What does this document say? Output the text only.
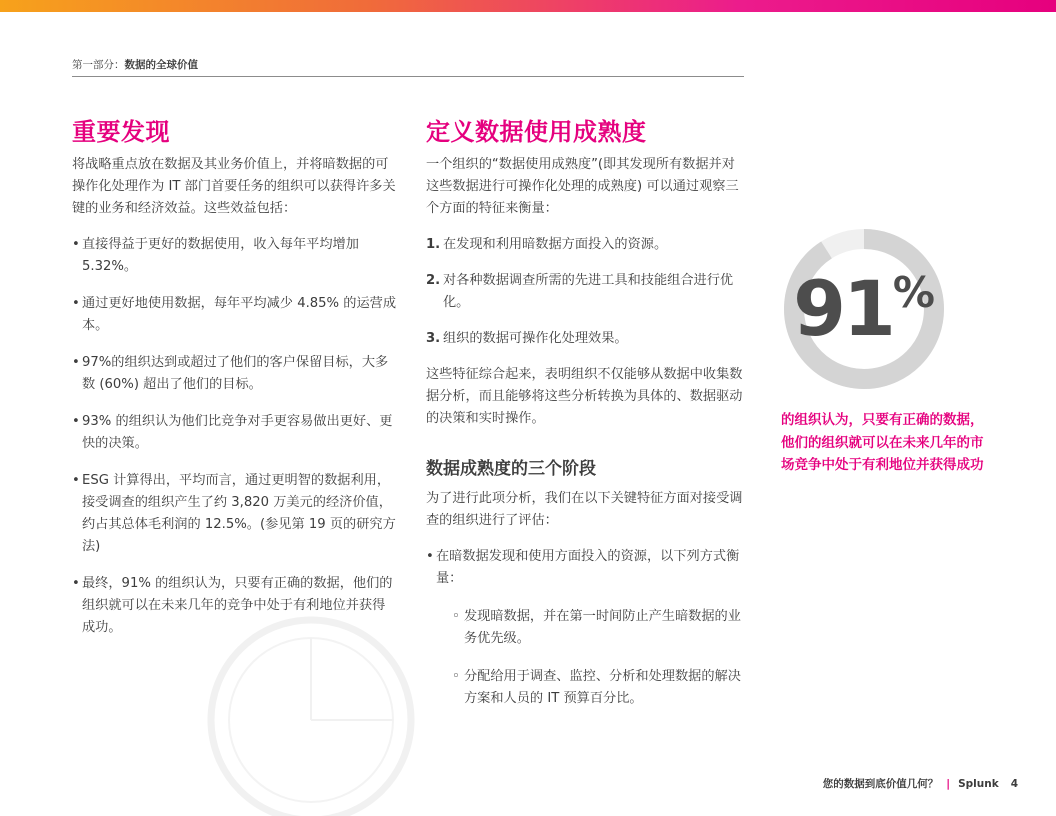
第一部分：数据的全球价值
重要发现

将战略重点放在数据及其业务价值上，并将暗数据的可操作化处理作为 IT 部门首要任务的组织可以获得许多关键的业务和经济效益。这些效益包括：

• 直接得益于更好的数据使用，收入每年平均增加 5.32%。
• 通过更好地使用数据，每年平均减少 4.85% 的运营成本。
• 97%的组织达到或超过了他们的客户保留目标，大多数 (60%) 超出了他们的目标。
• 93% 的组织认为他们比竞争对手更容易做出更好、更快的决策。
• ESG 计算得出，平均而言，通过更明智的数据利用，接受调查的组织产生了约 3,820 万美元的经济价值，约占其总体毛利润的 12.5%。(参见第 19 页的研究方法)
• 最终，91% 的组织认为，只要有正确的数据，他们的组织就可以在未来几年的竞争中处于有利地位并获得成功。
定义数据使用成熟度

一个组织的“数据使用成熟度”(即其发现所有数据并对这些数据进行可操作化处理的成熟度) 可以通过观察三个方面的特征来衡量：

1. 在发现和利用暗数据方面投入的资源。
2. 对各种数据调查所需的先进工具和技能组合进行优化。
3. 组织的数据可操作化处理效果。

这些特征综合起来，表明组织不仅能够从数据中收集数据分析，而且能够将这些分析转换为具体的、数据驱动的决策和实时操作。

数据成熟度的三个阶段

为了进行此项分析，我们在以下关键特征方面对接受调查的组织进行了评估：

• 在暗数据发现和使用方面投入的资源，以下列方式衡量：
◦ 发现暗数据，并在第一时间防止产生暗数据的业务优先级。
◦ 分配给用于调查、监控、分析和处理数据的解决方案和人员的 IT 预算百分比。
91 %
的组织认为，只要有正确的数据，他们的组织就可以在未来几年的市场竞争中处于有利地位并获得成功
您的数据到底价值几何？ | Splunk 4
